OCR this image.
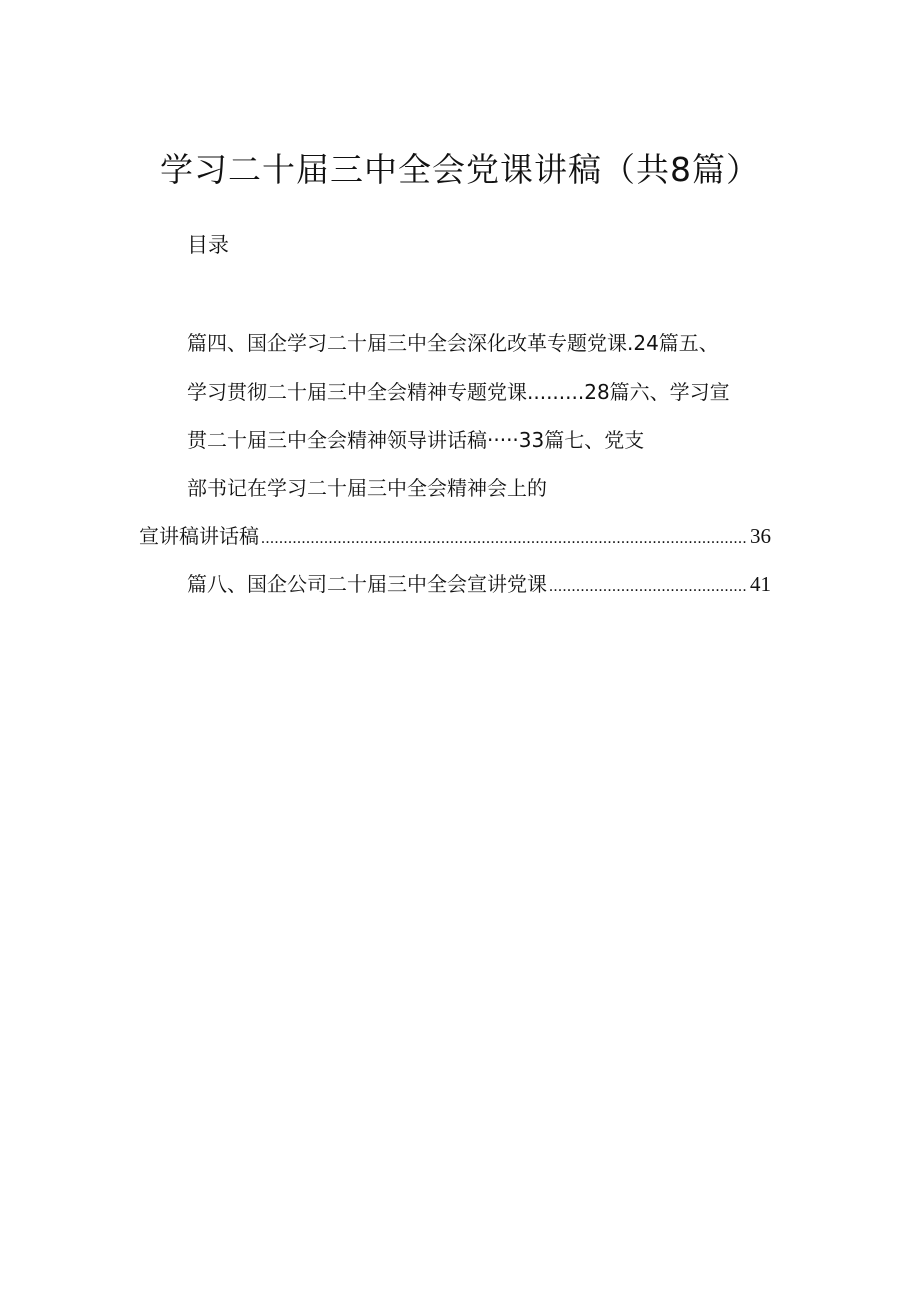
学习二十届三中全会党课讲稿（共8篇）
目录
篇四、国企学习二十届三中全会深化改革专题党课.24篇五、
学习贯彻二十届三中全会精神专题党课.........28篇六、学习宣
贯二十届三中全会精神领导讲话稿·····33篇七、党支
部书记在学习二十届三中全会精神会上的
宣讲稿讲话稿 .....	36
篇八、国企公司二十届三中全会宣讲党课 .....	41
